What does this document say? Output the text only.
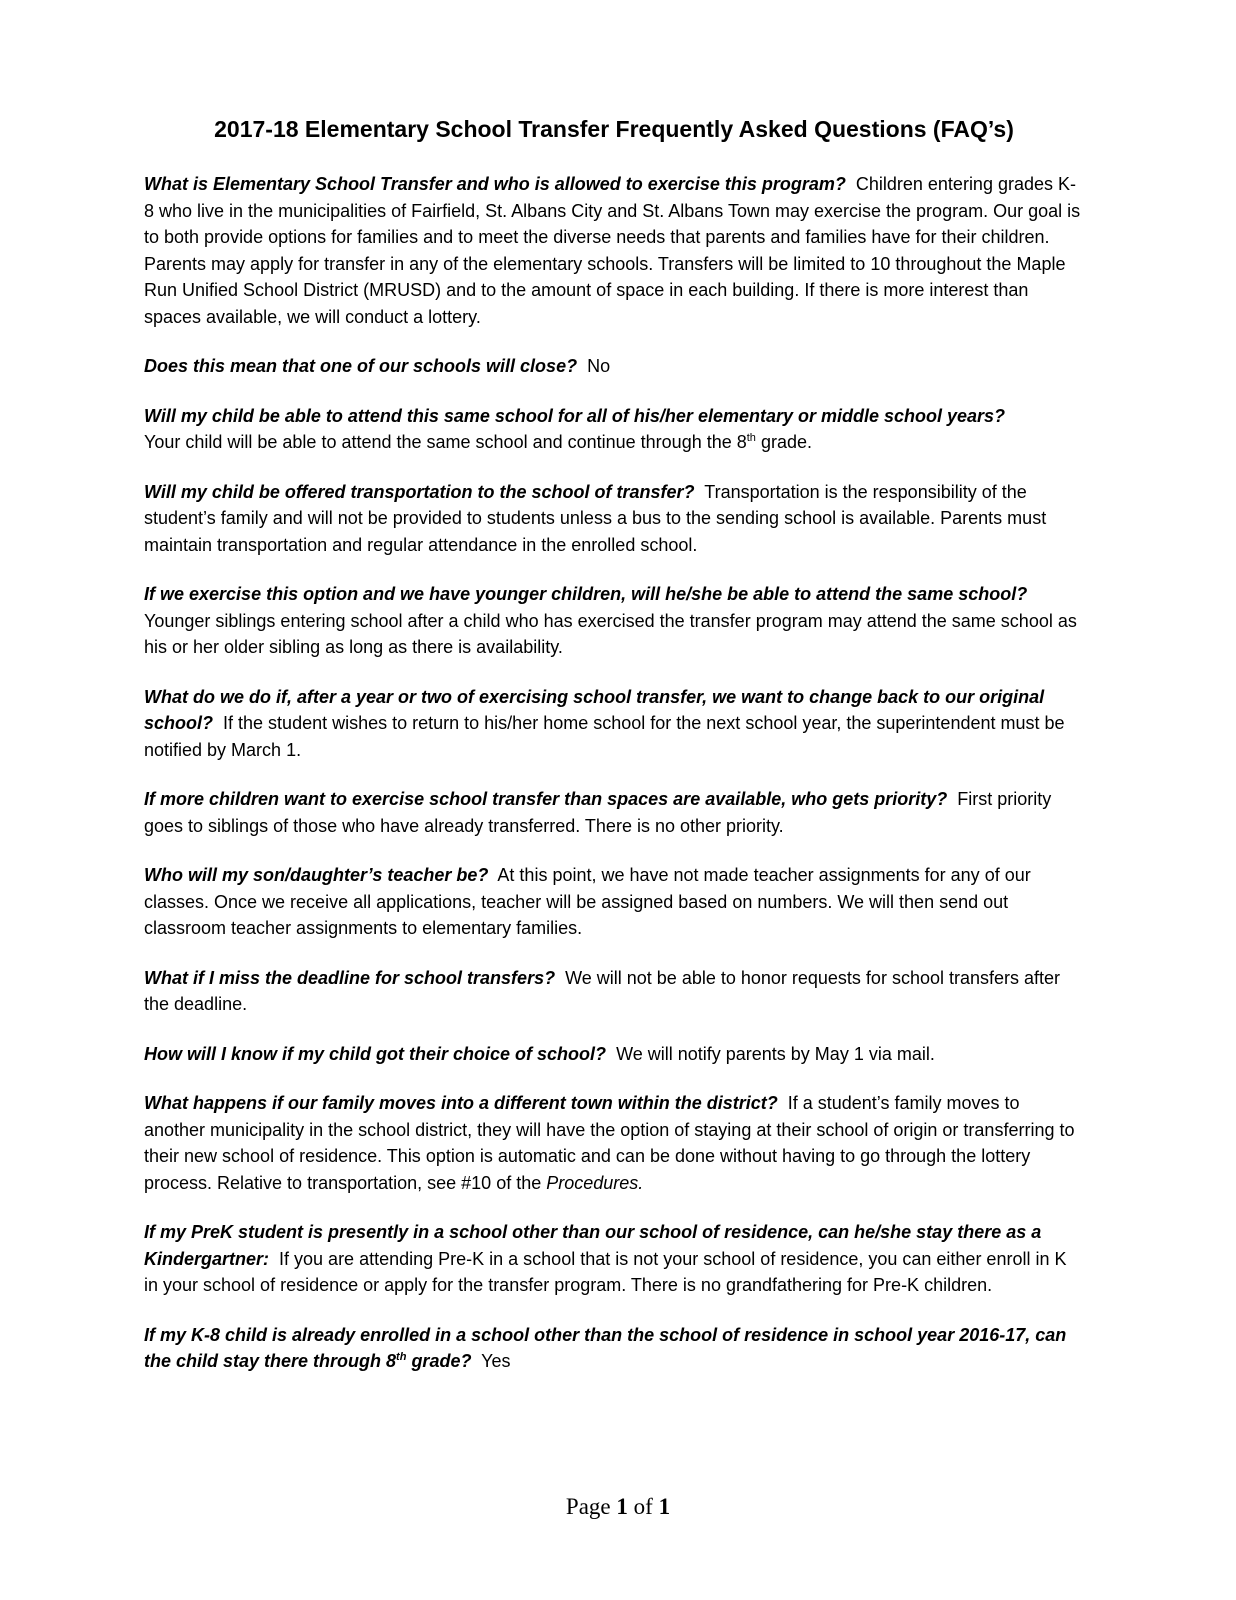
2017-18 Elementary School Transfer Frequently Asked Questions (FAQ’s)

What is Elementary School Transfer and who is allowed to exercise this program? Children entering grades K-8 who live in the municipalities of Fairfield, St. Albans City and St. Albans Town may exercise the program. Our goal is to both provide options for families and to meet the diverse needs that parents and families have for their children. Parents may apply for transfer in any of the elementary schools. Transfers will be limited to 10 throughout the Maple Run Unified School District (MRUSD) and to the amount of space in each building. If there is more interest than spaces available, we will conduct a lottery.

Does this mean that one of our schools will close? No

Will my child be able to attend this same school for all of his/her elementary or middle school years?
Your child will be able to attend the same school and continue through the 8th grade.

Will my child be offered transportation to the school of transfer? Transportation is the responsibility of the student’s family and will not be provided to students unless a bus to the sending school is available. Parents must maintain transportation and regular attendance in the enrolled school.

If we exercise this option and we have younger children, will he/she be able to attend the same school?  Younger siblings entering school after a child who has exercised the transfer program may attend the same school as his or her older sibling as long as there is availability.

What do we do if, after a year or two of exercising school transfer, we want to change back to our original school? If the student wishes to return to his/her home school for the next school year, the superintendent must be notified by March 1.

If more children want to exercise school transfer than spaces are available, who gets priority? First priority goes to siblings of those who have already transferred. There is no other priority.

Who will my son/daughter’s teacher be? At this point, we have not made teacher assignments for any of our classes. Once we receive all applications, teacher will be assigned based on numbers. We will then send out classroom teacher assignments to elementary families.

What if I miss the deadline for school transfers? We will not be able to honor requests for school transfers after the deadline.

How will I know if my child got their choice of school? We will notify parents by May 1 via mail.

What happens if our family moves into a different town within the district? If a student’s family moves to another municipality in the school district, they will have the option of staying at their school of origin or transferring to their new school of residence. This option is automatic and can be done without having to go through the lottery process. Relative to transportation, see #10 of the Procedures.

If my PreK student is presently in a school other than our school of residence, can he/she stay there as a Kindergartner: If you are attending Pre-K in a school that is not your school of residence, you can either enroll in K in your school of residence or apply for the transfer program. There is no grandfathering for Pre-K children.

If my K-8 child is already enrolled in a school other than the school of residence in school year 2016-17, can the child stay there through 8th grade? Yes

Page 1 of 1
